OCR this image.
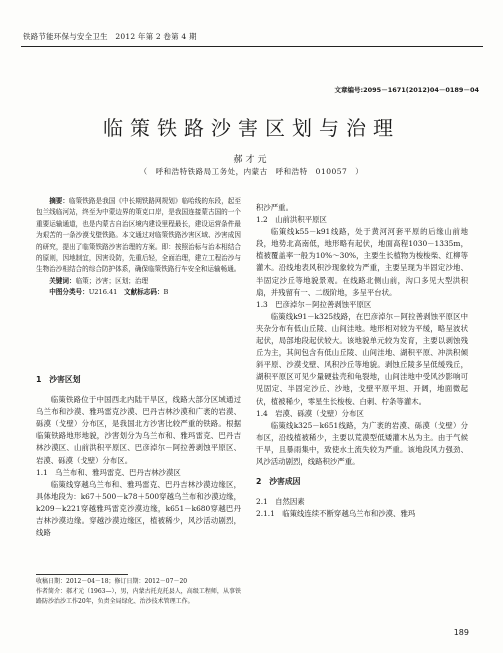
铁路节能环保与安全卫生　2012 年第 2 卷第 4 期
文章编号:2095－1671(2012)04－0189－04
临策铁路沙害区划与治理
郝才元
（　呼和浩特铁路局工务处，内蒙古　呼和浩特　010057　）

摘要：临策铁路是我国《中长期铁路网规划》临哈线的东段，起至包兰线临河站，终至为中蒙边界的策克口岸，是我国连接蒙古国的一个重要运输通道，也是内蒙古自治区境内建设里程最长，建设运营条件最为艰苦的一条沙漠戈壁铁路。本文通过对临策铁路沙害区域、沙害成因的研究，提出了临策铁路沙害治理的方案。即：按照治标与治本相结合的原则，因地制宜，因害设防，先重后轻，全面治理，建立工程治沙与生物治沙相结合的综合防护体系，确保临策铁路行车安全和运输畅通。

关键词：临策；沙害；区划；治理

中图分类号：U216.41　 文献标志码：B

1　沙害区划

临策铁路位于中国西北内陆干旱区，线路大部分区域通过乌兰布和沙漠、雅玛雷克沙漠、巴丹吉林沙漠和广袤的岩漠、砾漠（戈壁）分布区，是我国北方沙害比较严重的铁路。根据临策铁路地形地貌，沙害划分为乌兰布和、雅玛雷克、巴丹吉林沙漠区、山前洪积平原区、巴彦淖尔－阿拉善剥蚀平原区、岩漠、砾漠（戈壁）分布区。

1.1　乌兰布和、雅玛雷克、巴丹吉林沙漠区

临策线穿越乌兰布和、雅玛雷克、巴丹吉林沙漠边缘区，具体地段为：k67＋500－k78＋500穿越乌兰布和沙漠边缘，k209－k221穿越雅玛雷克沙漠边缘，k651－k680穿越巴丹吉林沙漠边缘。穿越沙漠边缘区，植被稀少，风沙活动剧烈，线路

积沙严重。

1.2　山前洪积平原区

临策线k55－k91线路，处于黄河河套平原的后缘山前地段，地势北高南低，地形略有起伏，地面高程1030－1335m，植被覆盖率一般为10%～30%，主要生长植物为梭梭柴、红柳等灌木。沿线地表风积沙现象较为严重，主要呈现为半固定沙地、半固定沙丘等地貌景观。在线路北侧山前，沟口多见大型洪积扇，并残留有一、二级阶地，多呈平台状。

1.3　巴彦淖尔－阿拉善剥蚀平原区

临策线k91－k325线路，在巴彦淖尔－阿拉善剥蚀平原区中夹杂分布有低山丘陵、山间洼地。地形相对较为平缓，略呈波状起伏，局部地段起伏较大。该地貌单元较为发育，主要以剥蚀残丘为主，其间包含有低山丘陵、山间洼地、湖积平原、冲洪积倾斜平原、沙漠戈壁、风积沙丘等地貌。剥蚀丘陵多呈低缓残丘，湖积平原区可见少量硬盐壳和龟裂地，山间洼地中受风沙影响可见固定、半固定沙丘、沙地，戈壁平原平坦、开阔，地面微起伏，植被稀少，零星生长梭梭、白刺、柠条等灌木。

1.4　岩漠、砾漠（戈壁）分布区

临策线k325－k651线路，为广袤的岩漠、砾漠（戈壁）分布区，沿线植被稀少，主要以荒漠型低矮灌木丛为主。由于气候干旱，且暴雨集中，致使水土流失较为严重。该地段风力强劲、风沙活动剧烈，线路积沙严重。

2　沙害成因

2.1　自然因素

2.1.1　临策线连续不断穿越乌兰布和沙漠、雅玛

收稿日期：2012－04－18；修订日期：2012－07－20

作者简介：郝才元（1963—），男，内蒙古托克托县人，高级工程师，从事铁路防沙治沙工作20年，负责全局绿化、治沙技术管理工作。

189
